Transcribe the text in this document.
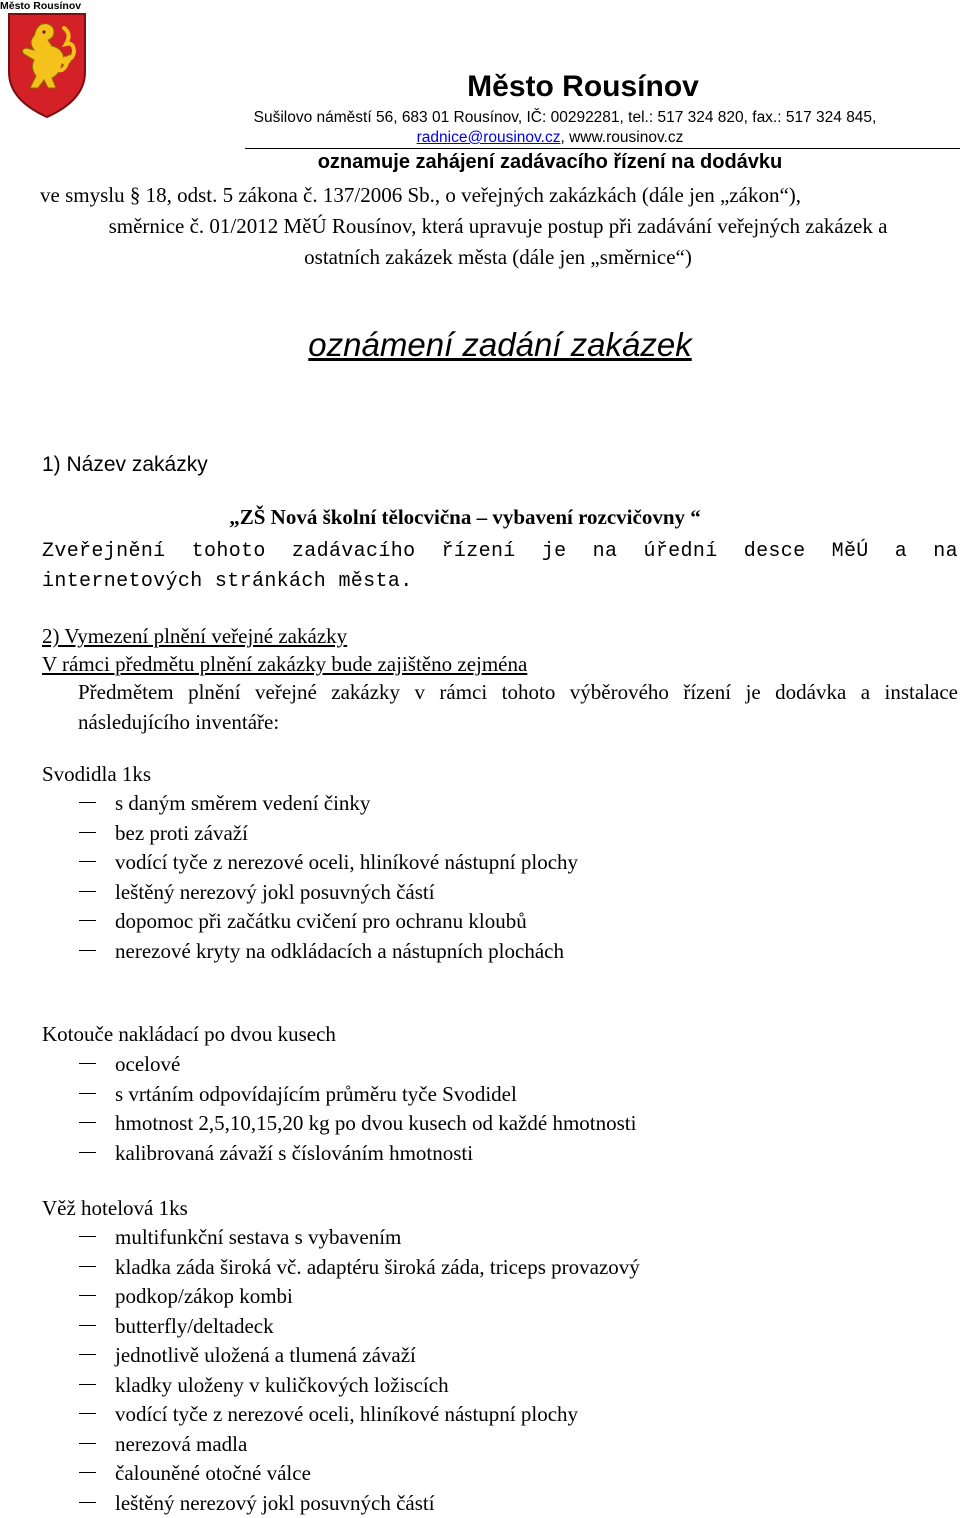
Město Rousínov
Město Rousínov
Sušilovo náměstí 56, 683 01 Rousínov, IČ: 00292281, tel.: 517 324 820, fax.: 517 324 845,
radnice@rousinov.cz, www.rousinov.cz
oznamuje zahájení zadávacího řízení na dodávku
ve smyslu § 18, odst. 5 zákona č. 137/2006 Sb., o veřejných zakázkách (dále jen „zákon“),
směrnice č. 01/2012 MěÚ Rousínov, která upravuje postup při zadávání veřejných zakázek a
ostatních zakázek města (dále jen „směrnice“)
oznámení zadání zakázek
1) Název zakázky
„ZŠ Nová školní tělocvična – vybavení rozcvičovny “
Zveřejnění tohoto zadávacího řízení je na úřední desce MěÚ a na internetových stránkách města.
2) Vymezení plnění veřejné zakázky
V rámci předmětu plnění zakázky bude zajištěno zejména
Předmětem plnění veřejné zakázky v rámci tohoto výběrového řízení je dodávka a instalace následujícího inventáře:
Svodidla 1ks
s daným směrem vedení činky
bez proti závaží
vodící tyče z nerezové oceli, hliníkové nástupní plochy
leštěný nerezový jokl posuvných částí
dopomoc při začátku cvičení pro ochranu kloubů
nerezové kryty na odkládacích a nástupních plochách
Kotouče nakládací po dvou kusech
ocelové
s vrtáním odpovídajícím průměru tyče Svodidel
hmotnost 2,5,10,15,20 kg po dvou kusech od každé hmotnosti
kalibrovaná závaží s číslováním hmotnosti
Věž hotelová 1ks
multifunkční sestava s vybavením
kladka záda široká vč. adaptéru široká záda, triceps provazový
podkop/zákop kombi
butterfly/deltadeck
jednotlivě uložená a tlumená závaží
kladky uloženy v kuličkových ložiscích
vodící tyče z nerezové oceli, hliníkové nástupní plochy
nerezová madla
čalouněné otočné válce
leštěný nerezový jokl posuvných částí
